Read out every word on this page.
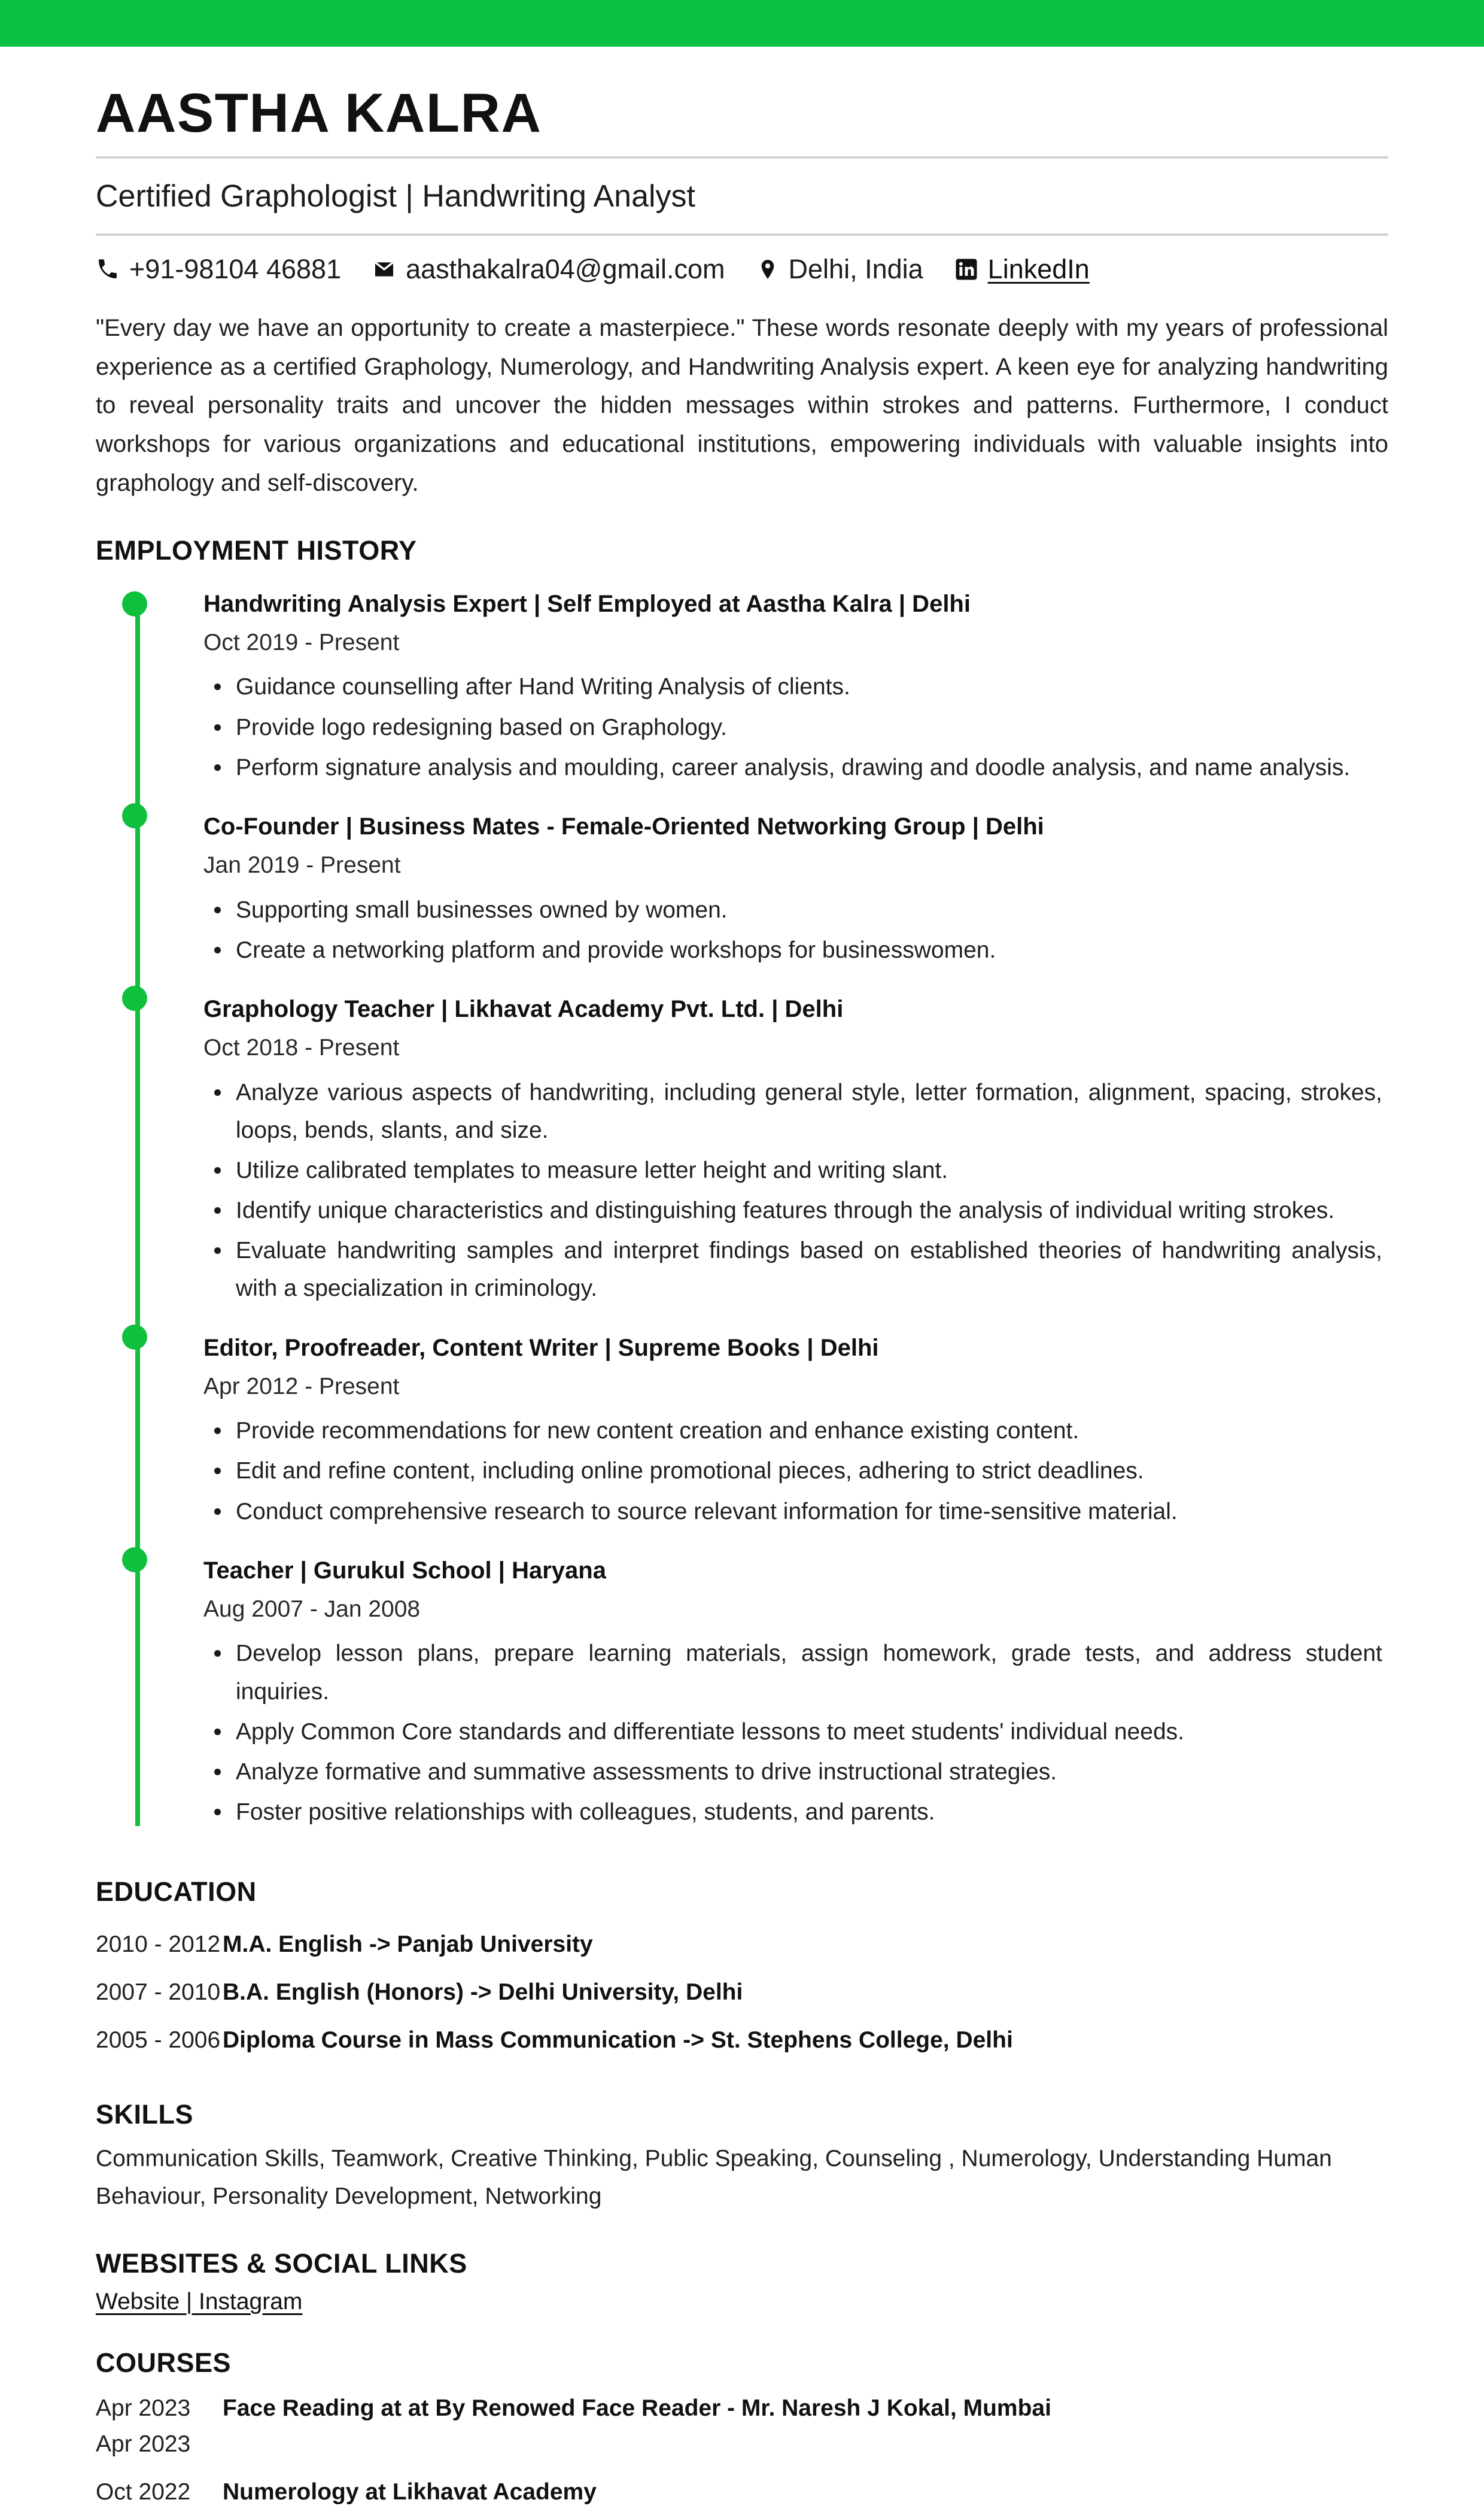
AASTHA KALRA
Certified Graphologist | Handwriting Analyst
+91-98104 46881 aasthakalra04@gmail.com Delhi, India LinkedIn
"Every day we have an opportunity to create a masterpiece." These words resonate deeply with my years of professional experience as a certified Graphology, Numerology, and Handwriting Analysis expert. A keen eye for analyzing handwriting to reveal personality traits and uncover the hidden messages within strokes and patterns. Furthermore, I conduct workshops for various organizations and educational institutions, empowering individuals with valuable insights into graphology and self-discovery.
EMPLOYMENT HISTORY
Handwriting Analysis Expert | Self Employed at Aastha Kalra | Delhi
Oct 2019 - Present
Guidance counselling after Hand Writing Analysis of clients.
Provide logo redesigning based on Graphology.
Perform signature analysis and moulding, career analysis, drawing and doodle analysis, and name analysis.
Co-Founder | Business Mates - Female-Oriented Networking Group | Delhi
Jan 2019 - Present
Supporting small businesses owned by women.
Create a networking platform and provide workshops for businesswomen.
Graphology Teacher | Likhavat Academy Pvt. Ltd. | Delhi
Oct 2018 - Present
Analyze various aspects of handwriting, including general style, letter formation, alignment, spacing, strokes, loops, bends, slants, and size.
Utilize calibrated templates to measure letter height and writing slant.
Identify unique characteristics and distinguishing features through the analysis of individual writing strokes.
Evaluate handwriting samples and interpret findings based on established theories of handwriting analysis, with a specialization in criminology.
Editor, Proofreader, Content Writer | Supreme Books | Delhi
Apr 2012 - Present
Provide recommendations for new content creation and enhance existing content.
Edit and refine content, including online promotional pieces, adhering to strict deadlines.
Conduct comprehensive research to source relevant information for time-sensitive material.
Teacher | Gurukul School | Haryana
Aug 2007 - Jan 2008
Develop lesson plans, prepare learning materials, assign homework, grade tests, and address student inquiries.
Apply Common Core standards and differentiate lessons to meet students' individual needs.
Analyze formative and summative assessments to drive instructional strategies.
Foster positive relationships with colleagues, students, and parents.
EDUCATION
2010 - 2012 M.A. English -> Panjab University
2007 - 2010 B.A. English (Honors) -> Delhi University, Delhi
2005 - 2006 Diploma Course in Mass Communication -> St. Stephens College, Delhi
SKILLS
Communication Skills, Teamwork, Creative Thinking, Public Speaking, Counseling , Numerology, Understanding Human Behaviour, Personality Development, Networking
WEBSITES & SOCIAL LINKS
Website | Instagram
COURSES
Apr 2023	Face Reading at at By Renowed Face Reader - Mr. Naresh J Kokal, Mumbai
Apr 2023
Oct 2022	Numerology at Likhavat Academy
